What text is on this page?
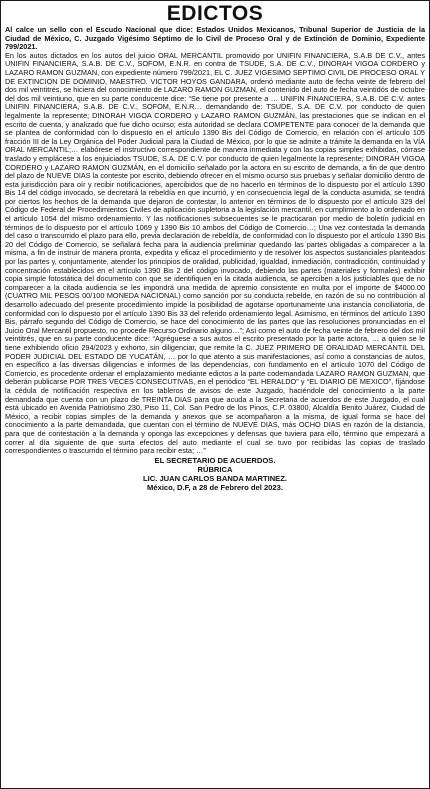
EDICTOS

Al calce un sello con el Escudo Nacional que dice: Estados Unidos Mexicanos, Tribunal Superior de Justicia de la Ciudad de México, C. Juzgado Vigésimo Séptimo de lo Civil de Proceso Oral y de Extinción de Dominio, Expediente 799/2021.

En los autos dictados en los autos del juicio ORAL MERCANTIL promovido por UNIFIN FINANCIERA, S.A.B DE C.V., antes UNIFIN FINANCIERA, S.A.B. DE C.V., SOFOM, E.N.R. en contra de TSUDE, S.A. DE C.V., DINORAH VIGOA CORDERO y LAZARO RAMON GUZMAN, con expediente número 799/2021, EL C. JUEZ VIGESIMO SEPTIMO CIVIL DE PROCESO ORAL Y DE EXTINCION DE DOMINIO, MAESTRO. VICTOR HOYOS GANDARA, ordenó mediante auto de fecha veinte de febrero del dos mil veintitrés, se hiciera del conocimiento de LAZARO RAMON GUZMAN, el contenido del auto de fecha veintidós de octubre del dos mil veintiuno, que en su parte conducente dice: “Se tiene por presente a … UNIFIN FINANCIERA, S.A.B. DE C.V. antes UNIFIN FINANCIERA, S.A.B. DE C.V., SOFOM, E.N.R… demandando de: TSUDE, S.A. DE C.V. por conducto de quien legalmente la represente; DINORAH VIGOA CORDERO y LAZARO RAMON GUZMÁN, las prestaciones que se indican en el escrito de cuenta, y analizado que fue dicho ocurso; esta autoridad se declara COMPETENTE para conocer de la demanda que se plantea de conformidad con lo dispuesto en el artículo 1390 Bis del Código de Comercio, en relación con el artículo 105 fracción III de la Ley Orgánica del Poder Judicial para la Ciudad de México, por lo que se admite a trámite la demanda en la VÍA ORAL MERCANTIL;… elabórese el instructivo correspondiente de manera inmediata y con las copias simples exhibidas, córrase traslado y emplácese a los enjuiciados TSUDE, S.A. DE C.V. por conducto de quien legalmente la represente; DINORAH VIGOA CORDERO y LAZARO RAMON GUZMÁN, en el domicilio señalado por la actora en su escrito de demanda, a fin de que dentro del plazo de NUEVE DIAS la conteste por escrito, debiendo ofrecer en el mismo ocurso sus pruebas y señalar domicilio dentro de esta jurisdicción para oír y recibir notificaciones, apercibidos que de no hacerlo en términos de lo dispuesto por el artículo 1390 Bis 14 del código invocado, se decretará la rebeldía en que incurrió, y en consecuencia legal de la conducta asumida, se tendrá por ciertos los hechos de la demanda que dejaron de contestar, lo anterior en términos de lo dispuesto por el artículo 329 del Código de Federal de Procedimientos Civiles de aplicación supletoria a la legislación mercantil, en cumplimiento a lo ordenado en el artículo 1054 del mismo ordenamiento. Y las notificaciones subsecuentes se le practicaran por medio de boletín judicial en términos de lo dispuesto por el artículo 1069 y 1390 Bis 10 ambos del Código de Comercio…; Una vez contestada la demanda del caso o transcurrido el plazo para ello, previa declaración de rebeldía, de conformidad con lo dispuesto por el artículo 1390 Bis 20 del Código de Comercio, se señalará fecha para la audiencia preliminar quedando las partes obligadas a comparecer a la misma, a fin de instruir de manera pronta, expedita y eficaz el procedimiento y de resolver los aspectos sustanciales planteados por las partes y, conjuntamente, atender los principios de oralidad, publicidad, igualdad, inmediación, contradicción, continuidad y concentración establecidos en el artículo 1390 Bis 2 del código invocado, debiendo las partes (materiales y formales) exhibir copia simple fotostática del documento con que se identifiquen en la citada audiencia, se aperciben a los justiciables que de no comparecer a la citada audiencia se les impondrá una medida de apremio consistente en multa por el importe de $4000.00 (CUATRO MIL PESOS 00/100 MONEDA NACIONAL) como sanción por su conducta rebelde, en razón de su no contribución al desarrollo adecuado del presente procedimiento impide la posibilidad de agotarse oportunamente una instancia conciliatoria, de conformidad con lo dispuesto por el artículo 1390 Bis 33 del referido ordenamiento legal. Asimismo, en términos del artículo 1390 Bis, párrafo segundo del Código de Comercio, se hace del conocimiento de las partes que las resoluciones pronunciadas en el Juicio Oral Mercantil propuesto, no procede Recurso Ordinario alguno…”; Así como el auto de fecha veinte de febrero del dos mil veintitrés, que en su parte conducente dice: “Agréguese a sus autos el escrito presentado por la parte actora, … a quien se le tiene exhibiendo oficio 294/2023 y exhorto, sin diligenciar, que remite la C. JUEZ PRIMERO DE ORALIDAD MERCANTIL DEL PODER JUDICIAL DEL ESTADO DE YUCATÁN, … por lo que atento a sus manifestaciones, así como a constancias de autos, en específico a las diversas diligencias e informes de las dependencias, con fundamento en el artículo 1070 del Código de Comercio, es procedente ordenar el emplazamiento mediante edictos a la parte codemandada LAZARO RAMON GUZMAN, que deberán publicarse POR TRES VECES CONSECUTIVAS, en el periódico “EL HERALDO” y “EL DIARIO DE MEXICO”, fíjándose la cédula de notificación respectiva en los tableros de avisos de este Juzgado, haciéndole del conocimiento a la parte demandada que cuenta con un plazo de TREINTA DIAS para que acuda a la Secretaria de acuerdos de este Juzgado, el cual está ubicado en Avenida Patriotismo 230, Piso 11, Col. San Pedro de los Pinos, C.P. 03800, Alcaldía Benito Juárez, Ciudad de México, a recibir copias simples de la demanda y anexos que se acompañaron a la misma, de igual forma se hace del conocimiento a la parte demandada, que cuentan con el término de NUEVE DIAS, más OCHO DIAS en razón de la distancia, para que de contestación a la demanda y oponga las excepciones y defensas que tuviera para ello, término que empezará a correr al día siguiente de que surta efectos del auto mediante el cual se tuvo por recibidas las copias de traslado correspondientes o trascurrido el término para recibir esta; …”

EL SECRETARIO DE ACUERDOS.
RÚBRICA
LIC. JUAN CARLOS BANDA MARTINEZ.
México, D.F, a 28 de Febrero del 2023.
